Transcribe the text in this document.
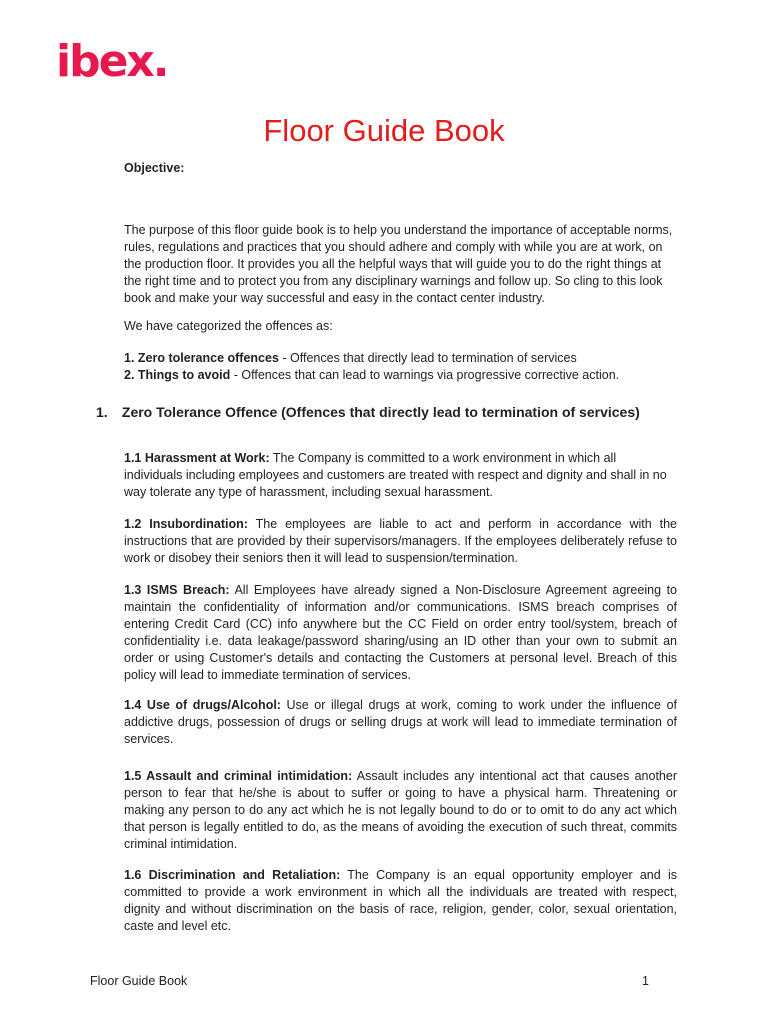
ibex.
Floor Guide Book
Objective:
The purpose of this floor guide book is to help you understand the importance of acceptable norms, rules, regulations and practices that you should adhere and comply with while you are at work, on the production floor. It provides you all the helpful ways that will guide you to do the right things at the right time and to protect you from any disciplinary warnings and follow up. So cling to this look book and make your way successful and easy in the contact center industry.
We have categorized the offences as:
1. Zero tolerance offences - Offences that directly lead to termination of services
2. Things to avoid - Offences that can lead to warnings via progressive corrective action.
1. Zero Tolerance Offence (Offences that directly lead to termination of services)
1.1 Harassment at Work: The Company is committed to a work environment in which all individuals including employees and customers are treated with respect and dignity and shall in no way tolerate any type of harassment, including sexual harassment.
1.2 Insubordination: The employees are liable to act and perform in accordance with the instructions that are provided by their supervisors/managers. If the employees deliberately refuse to work or disobey their seniors then it will lead to suspension/termination.
1.3 ISMS Breach: All Employees have already signed a Non-Disclosure Agreement agreeing to maintain the confidentiality of information and/or communications. ISMS breach comprises of entering Credit Card (CC) info anywhere but the CC Field on order entry tool/system, breach of confidentiality i.e. data leakage/password sharing/using an ID other than your own to submit an order or using Customer's details and contacting the Customers at personal level. Breach of this policy will lead to immediate termination of services.
1.4 Use of drugs/Alcohol: Use or illegal drugs at work, coming to work under the influence of addictive drugs, possession of drugs or selling drugs at work will lead to immediate termination of services.
1.5 Assault and criminal intimidation: Assault includes any intentional act that causes another person to fear that he/she is about to suffer or going to have a physical harm. Threatening or making any person to do any act which he is not legally bound to do or to omit to do any act which that person is legally entitled to do, as the means of avoiding the execution of such threat, commits criminal intimidation.
1.6 Discrimination and Retaliation: The Company is an equal opportunity employer and is committed to provide a work environment in which all the individuals are treated with respect, dignity and without discrimination on the basis of race, religion, gender, color, sexual orientation, caste and level etc.
Floor Guide Book	1
